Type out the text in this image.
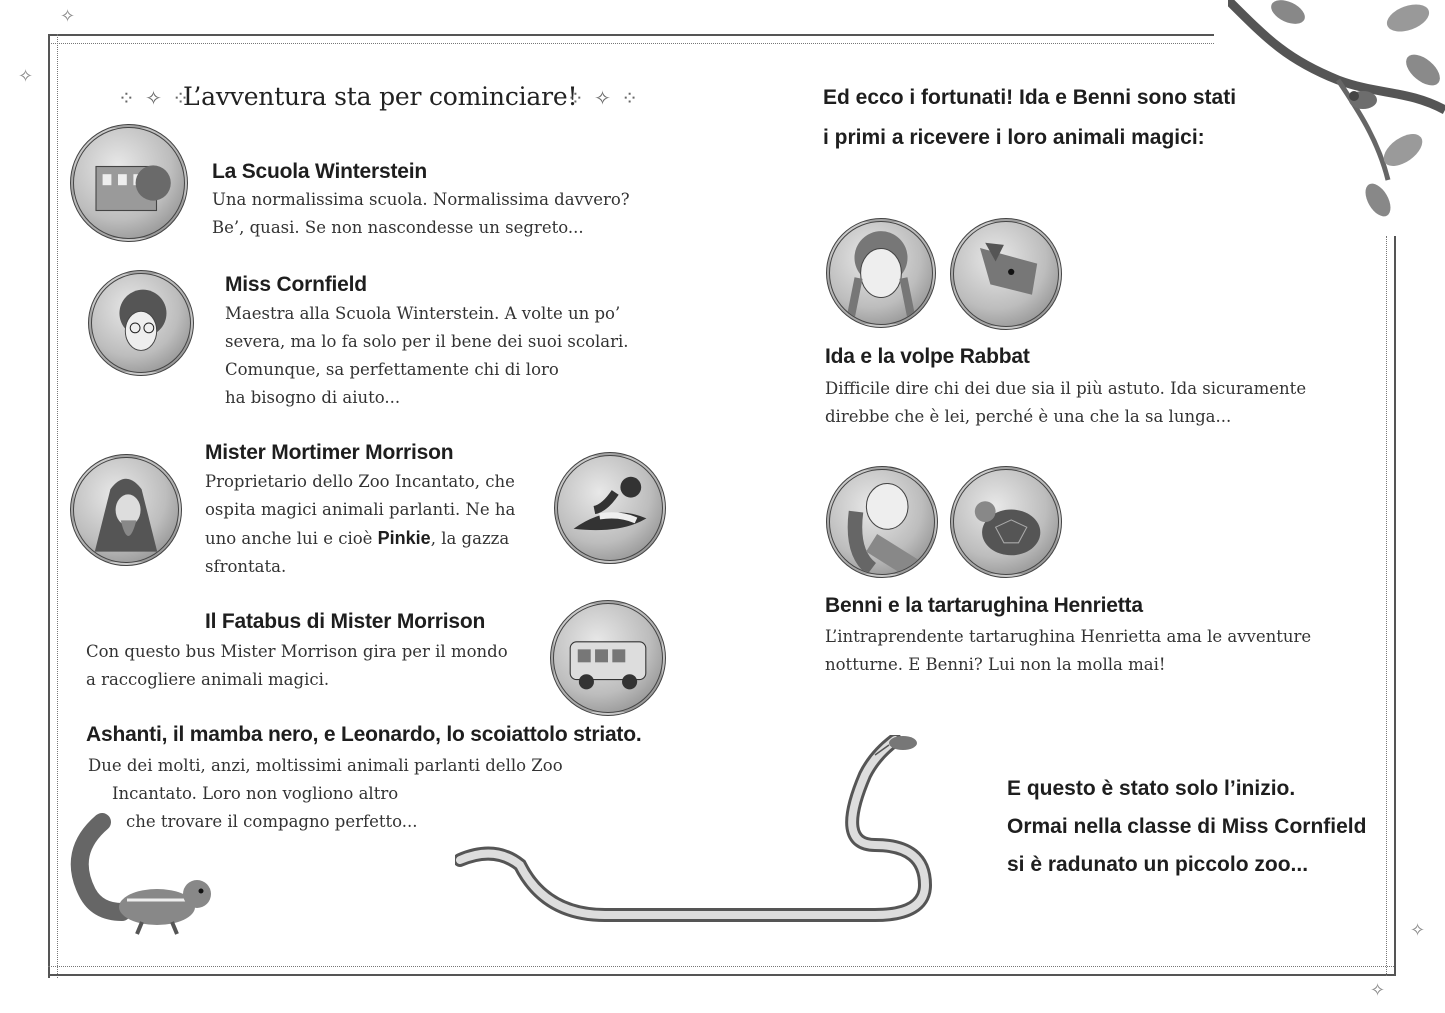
✧
✧
✧
✧
⁘ ✧ ⁘
L’avventura sta per cominciare!
⁘ ✧ ⁘
La Scuola Winterstein
Una normalissima scuola. Normalissima davvero?
Be’, quasi. Se non nascondesse un segreto...
Miss Cornfield
Maestra alla Scuola Winterstein. A volte un po’
severa, ma lo fa solo per il bene dei suoi scolari.
Comunque, sa perfettamente chi di loro
ha bisogno di aiuto...
Mister Mortimer Morrison
Proprietario dello Zoo Incantato, che
ospita magici animali parlanti. Ne ha
uno anche lui e cioè Pinkie, la gazza
sfrontata.
Il Fatabus di Mister Morrison
Con questo bus Mister Morrison gira per il mondo
a raccogliere animali magici.
Ashanti, il mamba nero, e Leonardo, lo scoiattolo striato.
Due dei molti, anzi, moltissimi animali parlanti dello Zoo
Incantato. Loro non vogliono altro
che trovare il compagno perfetto...
Ed ecco i fortunati! Ida e Benni sono stati
i primi a ricevere i loro animali magici:
Ida e la volpe Rabbat
Difficile dire chi dei due sia il più astuto. Ida sicuramente
direbbe che è lei, perché è una che la sa lunga...
Benni e la tartarughina Henrietta
L’intraprendente tartarughina Henrietta ama le avventure
notturne. E Benni? Lui non la molla mai!
E questo è stato solo l’inizio.
Ormai nella classe di Miss Cornfield
si è radunato un piccolo zoo...
